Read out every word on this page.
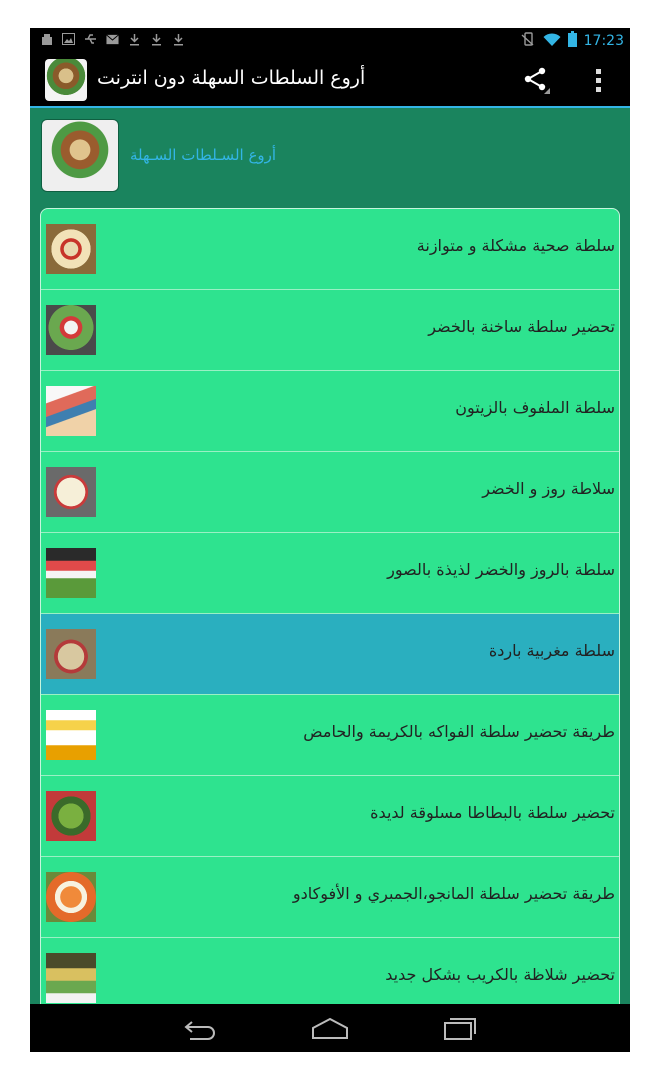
17:23
أروع السلطات السهلة دون انترنت
أروع السـلطات السـهلة
سلطة صحية مشكلة و متوازنة
تحضير سلطة ساخنة بالخضر
سلطة الملفوف بالزيتون
سلاطة روز و الخضر
سلطة بالروز والخضر لذيذة بالصور
سلطة مغربية باردة
طريقة تحضير سلطة الفواكه بالكريمة والحامض
تحضير سلطة بالبطاطا مسلوقة لديدة
طريقة تحضير سلطة المانجو،الجمبري و الأفوكادو
تحضير شلاظة بالكريب بشكل جديد
